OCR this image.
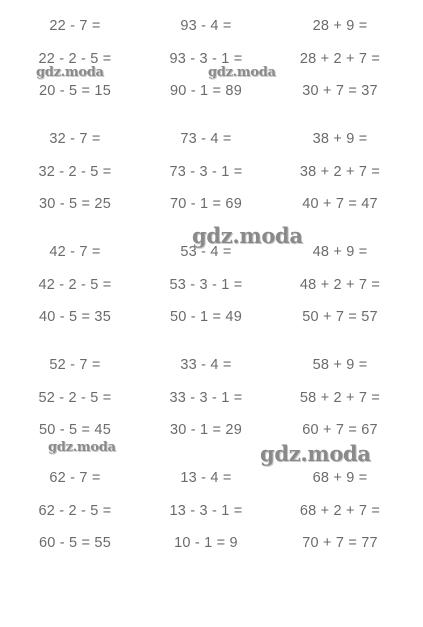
22 - 7 =
22 - 2 - 5 =
20 - 5 = 15
93 - 4 =
93 - 3 - 1 =
90 - 1 = 89
28 + 9 =
28 + 2 + 7 =
30 + 7 = 37
32 - 7 =
32 - 2 - 5 =
30 - 5 = 25
73 - 4 =
73 - 3 - 1 =
70 - 1 = 69
38 + 9 =
38 + 2 + 7 =
40 + 7 = 47
42 - 7 =
42 - 2 - 5 =
40 - 5 = 35
53 - 4 =
53 - 3 - 1 =
50 - 1 = 49
48 + 9 =
48 + 2 + 7 =
50 + 7 = 57
52 - 7 =
52 - 2 - 5 =
50 - 5 = 45
33 - 4 =
33 - 3 - 1 =
30 - 1 = 29
58 + 9 =
58 + 2 + 7 =
60 + 7 = 67
62 - 7 =
62 - 2 - 5 =
60 - 5 = 55
13 - 4 =
13 - 3 - 1 =
10 - 1 = 9
68 + 9 =
68 + 2 + 7 =
70 + 7 = 77
gdz.moda	gdz.moda
gdz.moda
gdz.moda	gdz.moda
